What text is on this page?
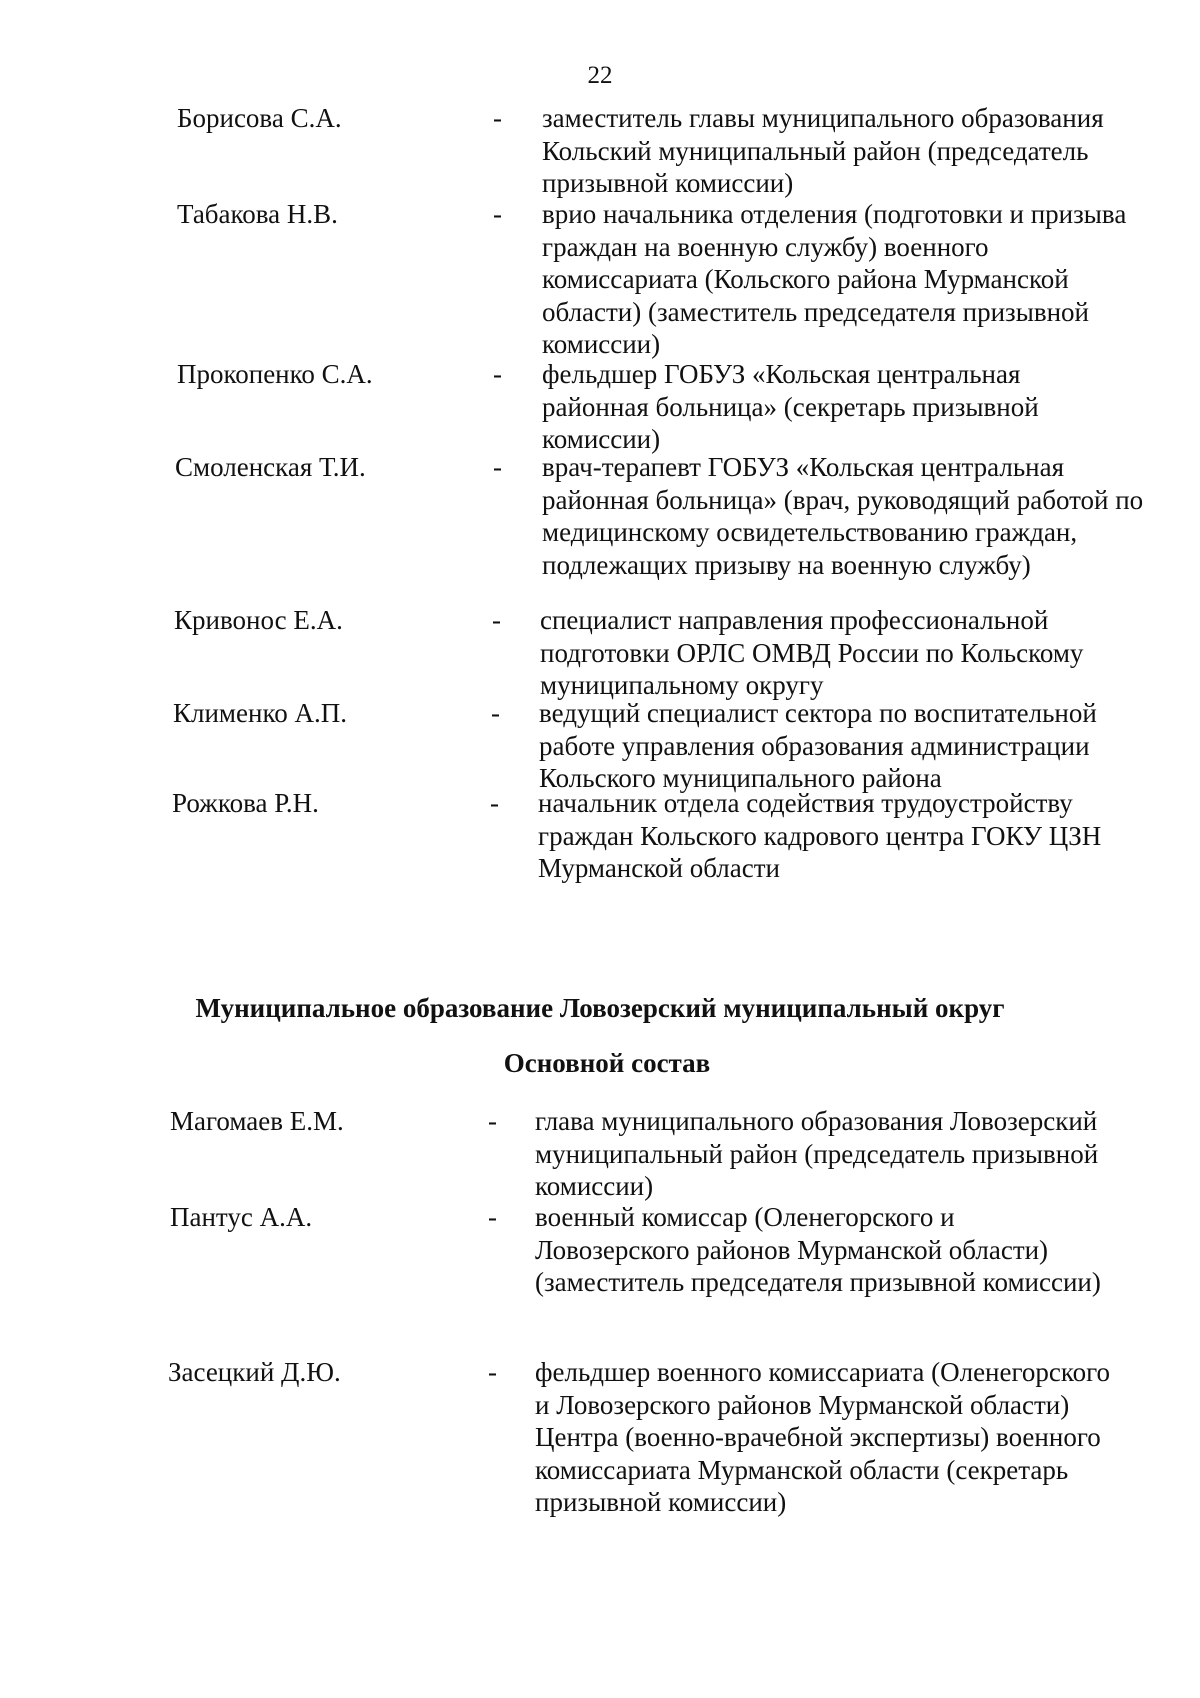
22
Борисова С.А.	- заместитель главы муниципального образования Кольский муниципальный район (председатель призывной комиссии)
Табакова Н.В.	- врио начальника отделения (подготовки и призыва граждан на военную службу) военного комиссариата (Кольского района Мурманской области) (заместитель председателя призывной комиссии)
Прокопенко С.А.	- фельдшер ГОБУЗ «Кольская центральная районная больница» (секретарь призывной комиссии)
Смоленская Т.И.	- врач-терапевт ГОБУЗ «Кольская центральная районная больница» (врач, руководящий работой по медицинскому освидетельствованию граждан, подлежащих призыву на военную службу)
Кривонос Е.А.	- специалист направления профессиональной подготовки ОРЛС ОМВД России по Кольскому муниципальному округу
Клименко А.П.	- ведущий специалист сектора по воспитательной работе управления образования администрации Кольского муниципального района
Рожкова Р.Н.	- начальник отдела содействия трудоустройству граждан Кольского кадрового центра ГОКУ ЦЗН Мурманской области
Муниципальное образование Ловозерский муниципальный округ
Основной состав
Магомаев Е.М.	- глава муниципального образования Ловозерский муниципальный район (председатель призывной комиссии)
Пантус А.А.	- военный комиссар (Оленегорского и Ловозерского районов Мурманской области) (заместитель председателя призывной комиссии)
Засецкий Д.Ю.	- фельдшер военного комиссариата (Оленегорского и Ловозерского районов Мурманской области) Центра (военно-врачебной экспертизы) военного комиссариата Мурманской области (секретарь призывной комиссии)
